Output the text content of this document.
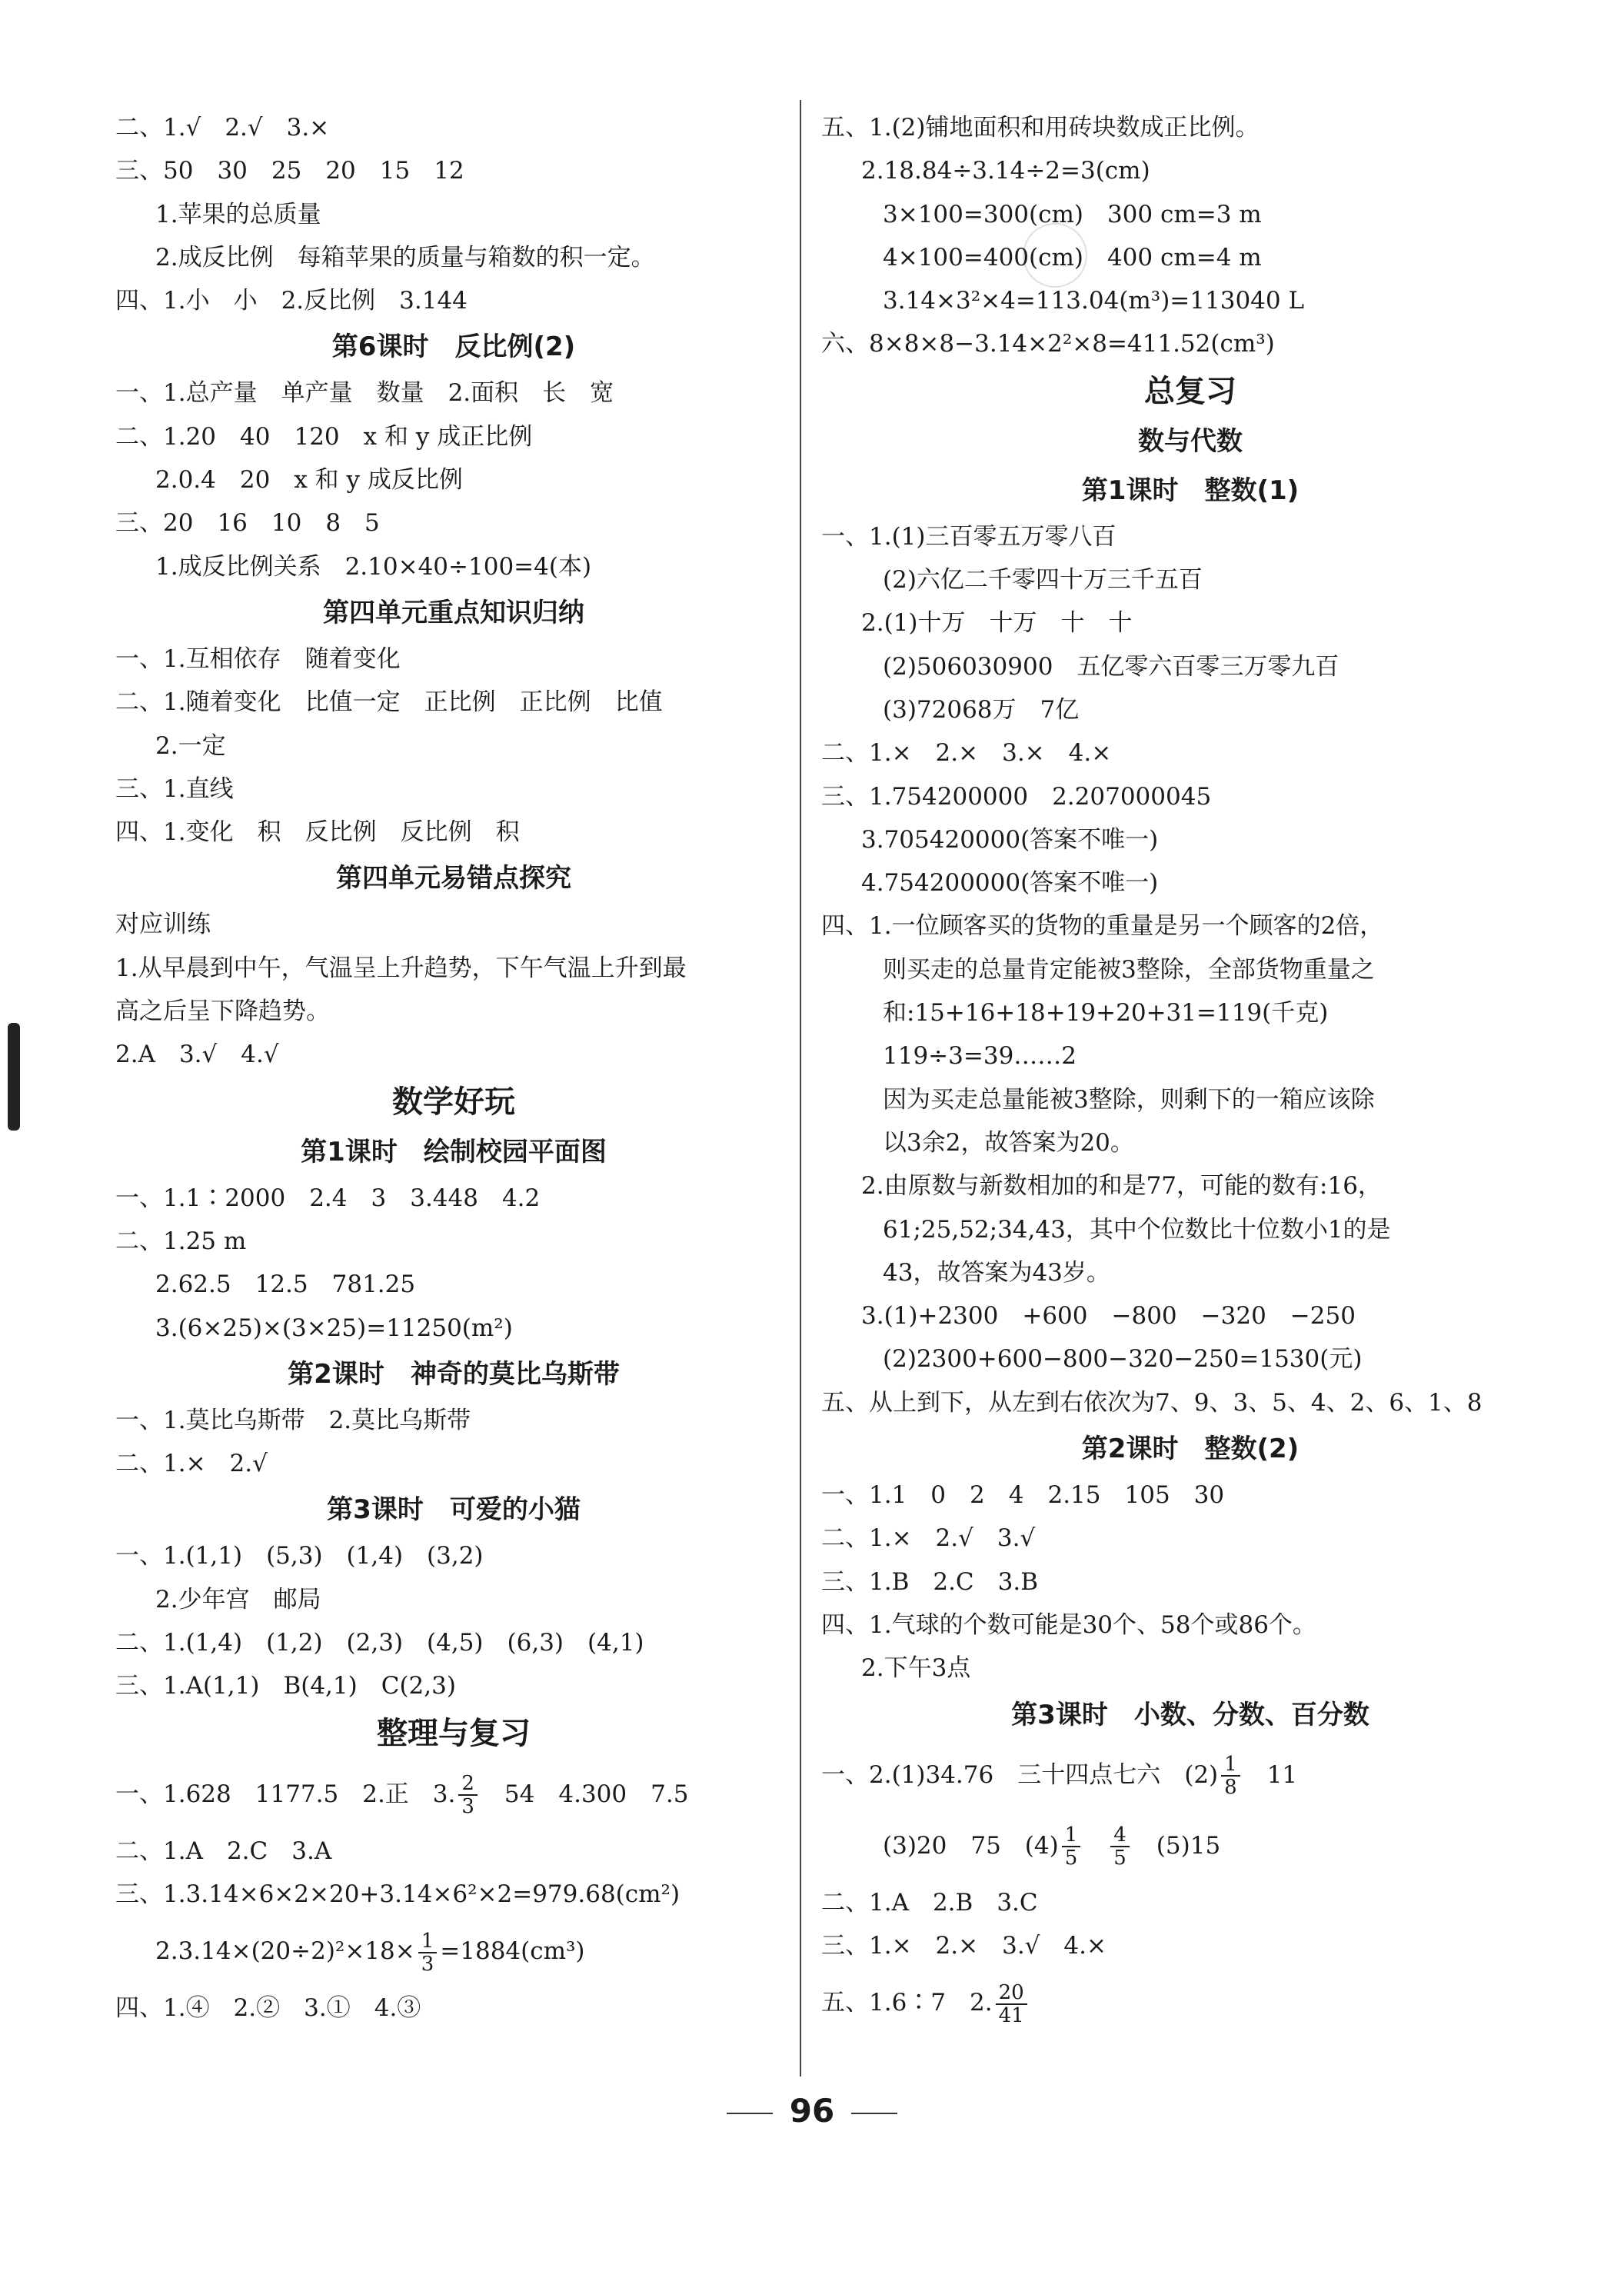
二、1.√　2.√　3.×
三、50　30　25　20　15　12
1.苹果的总质量
2.成反比例　每箱苹果的质量与箱数的积一定。
四、1.小　小　2.反比例　3.144
第6课时　反比例(2)
一、1.总产量　单产量　数量　2.面积　长　宽
二、1.20　40　120　x 和 y 成正比例
2.0.4　20　x 和 y 成反比例
三、20　16　10　8　5
1.成反比例关系　2.10×40÷100=4(本)
第四单元重点知识归纳
一、1.互相依存　随着变化
二、1.随着变化　比值一定　正比例　正比例　比值
2.一定
三、1.直线
四、1.变化　积　反比例　反比例　积
第四单元易错点探究
对应训练
1.从早晨到中午，气温呈上升趋势，下午气温上升到最
高之后呈下降趋势。
2.A　3.√　4.√
数学好玩
第1课时　绘制校园平面图
一、1.1∶2000　2.4　3　3.448　4.2
二、1.25 m
2.62.5　12.5　781.25
3.(6×25)×(3×25)=11250(m²)
第2课时　神奇的莫比乌斯带
一、1.莫比乌斯带　2.莫比乌斯带
二、1.×　2.√
第3课时　可爱的小猫
一、1.(1,1)　(5,3)　(1,4)　(3,2)
2.少年宫　邮局
二、1.(1,4)　(1,2)　(2,3)　(4,5)　(6,3)　(4,1)
三、1.A(1,1)　B(4,1)　C(2,3)
整理与复习
一、1.628　1177.5　2.正　3. $\frac{2}{3}$ 　54　4.300　7.5
二、1.A　2.C　3.A
三、1.3.14×6×2×20+3.14×6²×2=979.68(cm²)
$2.3.14\times(20\div 2)^2\times 18\times \frac{1}{3} =1884(cm^3)$
四、1.④　2.②　3.①　4.③
五、1.(2)铺地面积和用砖块数成正比例。
2.18.84÷3.14÷2=3(cm)
3×100=300(cm)　300 cm=3 m
4×100=400(cm)　400 cm=4 m
3.14×3²×4=113.04(m³)=113040 L
六、8×8×8−3.14×2²×8=411.52(cm³)
总复习
数与代数
第1课时　整数(1)
一、1.(1)三百零五万零八百
(2)六亿二千零四十万三千五百
2.(1)十万　十万　十　十
(2)506030900　五亿零六百零三万零九百
(3)72068万　7亿
二、1.×　2.×　3.×　4.×
三、1.754200000　2.207000045
3.705420000(答案不唯一)
4.754200000(答案不唯一)
四、1.一位顾客买的货物的重量是另一个顾客的2倍，
则买走的总量肯定能被3整除，全部货物重量之
和:15+16+18+19+20+31=119(千克)
119÷3=39……2
因为买走总量能被3整除，则剩下的一箱应该除
以3余2，故答案为20。
2.由原数与新数相加的和是77，可能的数有:16，
61;25,52;34,43，其中个位数比十位数小1的是
43，故答案为43岁。
3.(1)+2300　+600　−800　−320　−250
(2)2300+600−800−320−250=1530(元)
五、从上到下，从左到右依次为7、9、3、5、4、2、6、1、8
第2课时　整数(2)
一、1.1　0　2　4　2.15　105　30
二、1.×　2.√　3.√
三、1.B　2.C　3.B
四、1.气球的个数可能是30个、58个或86个。
2.下午3点
第3课时　小数、分数、百分数
一、2.(1)34.76　三十四点七六　$(2) \frac{1}{8}$ 　11
(3)20　75　$(4) \frac{1}{5}$
　 $\frac{4}{5}$ 　(5)15
二、1.A　2.B　3.C
三、1.×　2.×　3.√　4.×
五、1.6∶7　2. $\frac{20}{41}$
96
